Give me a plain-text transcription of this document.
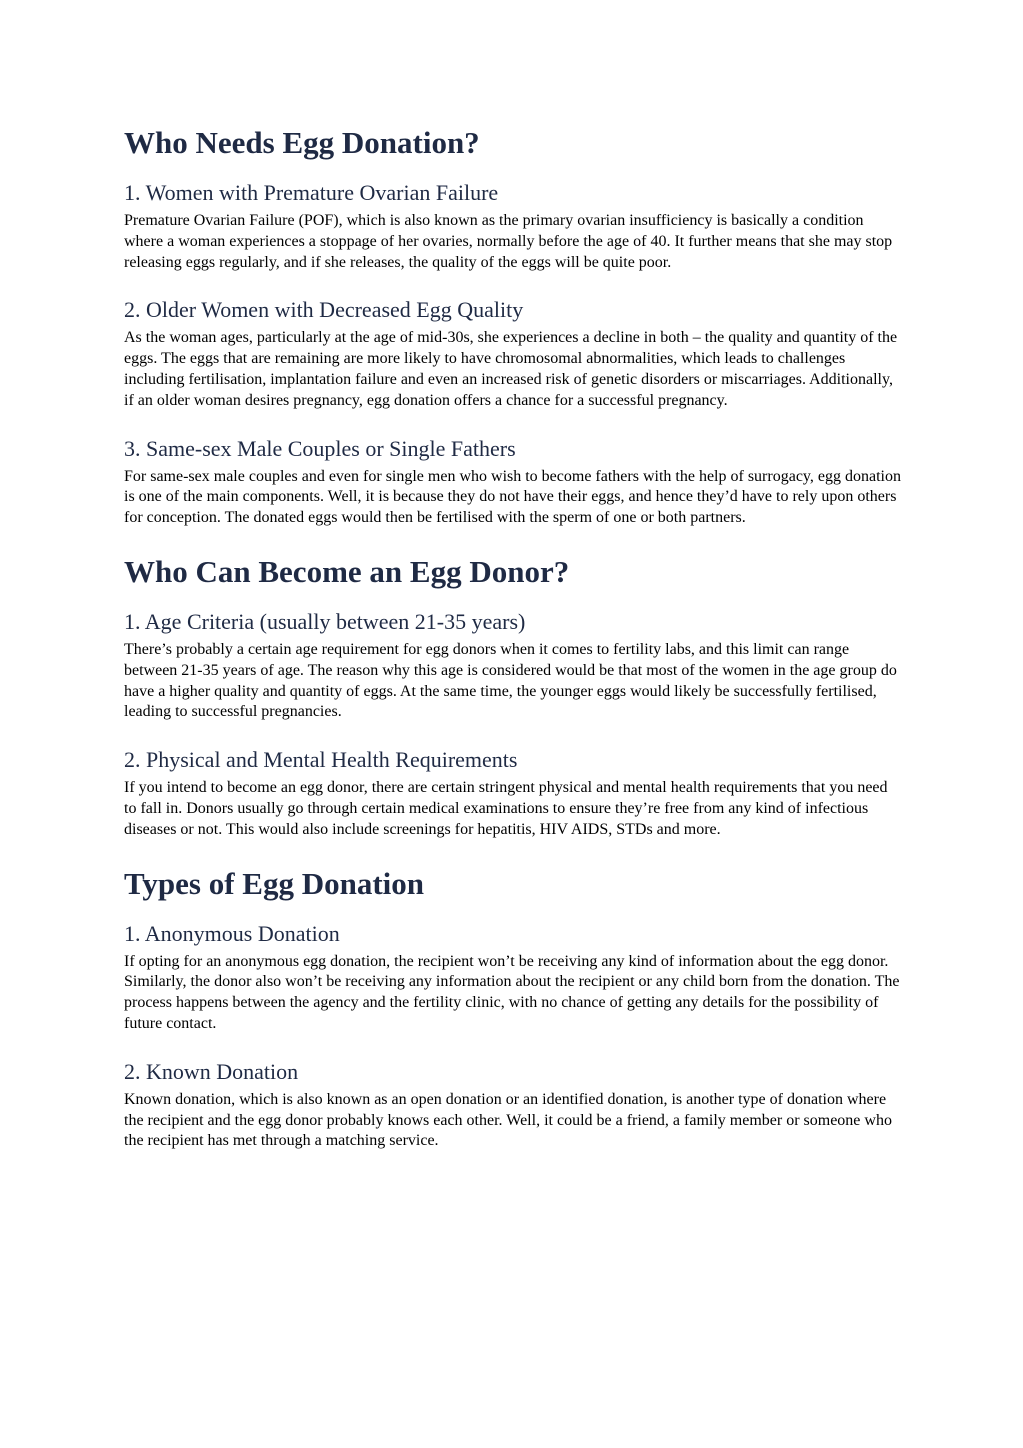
Who Needs Egg Donation?
1. Women with Premature Ovarian Failure

Premature Ovarian Failure (POF), which is also known as the primary ovarian insufficiency is basically a condition where a woman experiences a stoppage of her ovaries, normally before the age of 40. It further means that she may stop releasing eggs regularly, and if she releases, the quality of the eggs will be quite poor.

2. Older Women with Decreased Egg Quality

As the woman ages, particularly at the age of mid-30s, she experiences a decline in both – the quality and quantity of the eggs. The eggs that are remaining are more likely to have chromosomal abnormalities, which leads to challenges including fertilisation, implantation failure and even an increased risk of genetic disorders or miscarriages. Additionally, if an older woman desires pregnancy, egg donation offers a chance for a successful pregnancy.

3. Same-sex Male Couples or Single Fathers

For same-sex male couples and even for single men who wish to become fathers with the help of surrogacy, egg donation is one of the main components. Well, it is because they do not have their eggs, and hence they’d have to rely upon others for conception. The donated eggs would then be fertilised with the sperm of one or both partners.

Who Can Become an Egg Donor?
1. Age Criteria (usually between 21-35 years)

There’s probably a certain age requirement for egg donors when it comes to fertility labs, and this limit can range between 21-35 years of age. The reason why this age is considered would be that most of the women in the age group do have a higher quality and quantity of eggs. At the same time, the younger eggs would likely be successfully fertilised, leading to successful pregnancies.

2. Physical and Mental Health Requirements

If you intend to become an egg donor, there are certain stringent physical and mental health requirements that you need to fall in. Donors usually go through certain medical examinations to ensure they’re free from any kind of infectious diseases or not. This would also include screenings for hepatitis, HIV AIDS, STDs and more.

Types of Egg Donation
1. Anonymous Donation

If opting for an anonymous egg donation, the recipient won’t be receiving any kind of information about the egg donor. Similarly, the donor also won’t be receiving any information about the recipient or any child born from the donation. The process happens between the agency and the fertility clinic, with no chance of getting any details for the possibility of future contact.

2. Known Donation

Known donation, which is also known as an open donation or an identified donation, is another type of donation where the recipient and the egg donor probably knows each other. Well, it could be a friend, a family member or someone who the recipient has met through a matching service.
